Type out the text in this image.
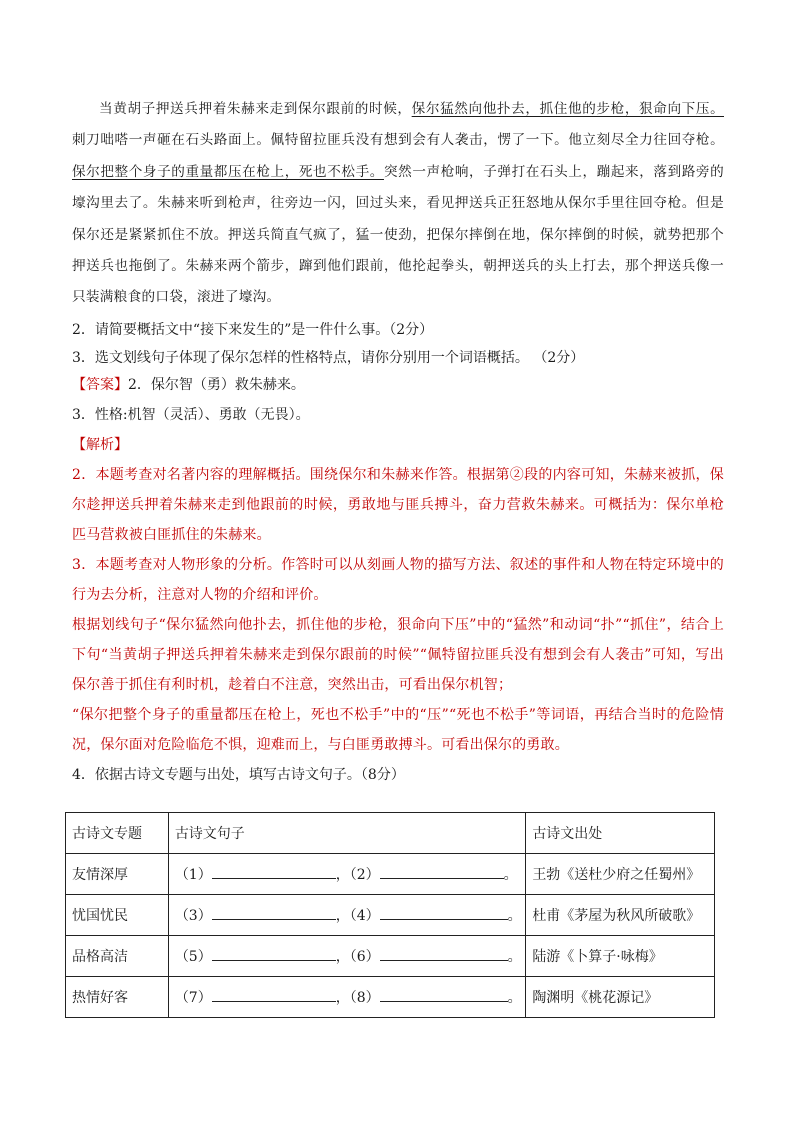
当黄胡子押送兵押着朱赫来走到保尔跟前的时候，保尔猛然向他扑去，抓住他的步枪，狠命向下压。刺刀咄嗒一声砸在石头路面上。佩特留拉匪兵没有想到会有人袭击，愣了一下。他立刻尽全力往回夺枪。保尔把整个身子的重量都压在枪上，死也不松手。突然一声枪响，子弹打在石头上，蹦起来，落到路旁的壕沟里去了。朱赫来听到枪声，往旁边一闪，回过头来，看见押送兵正狂怒地从保尔手里往回夺枪。但是保尔还是紧紧抓住不放。押送兵简直气疯了，猛一使劲，把保尔摔倒在地，保尔摔倒的时候，就势把那个押送兵也拖倒了。朱赫来两个箭步，蹿到他们跟前，他抡起拳头，朝押送兵的头上打去，那个押送兵像一只装满粮食的口袋，滚进了壕沟。
2．请简要概括文中“接下来发生的”是一件什么事。（2分）
3．选文划线句子体现了保尔怎样的性格特点，请你分别用一个词语概括。 （2分）
【答案】2．保尔智（勇）救朱赫来。
3．性格:机智（灵活）、勇敢（无畏）。
【解析】
2．本题考查对名著内容的理解概括。围绕保尔和朱赫来作答。根据第②段的内容可知，朱赫来被抓，保尔趁押送兵押着朱赫来走到他跟前的时候，勇敢地与匪兵搏斗，奋力营救朱赫来。可概括为：保尔单枪匹马营救被白匪抓住的朱赫来。
3．本题考查对人物形象的分析。作答时可以从刻画人物的描写方法、叙述的事件和人物在特定环境中的行为去分析，注意对人物的介绍和评价。
根据划线句子“保尔猛然向他扑去，抓住他的步枪，狠命向下压”中的“猛然”和动词“扑”“抓住”，结合上下句“当黄胡子押送兵押着朱赫来走到保尔跟前的时候”“佩特留拉匪兵没有想到会有人袭击”可知，写出保尔善于抓住有利时机，趁着白不注意，突然出击，可看出保尔机智；
“保尔把整个身子的重量都压在枪上，死也不松手”中的“压”“死也不松手”等词语，再结合当时的危险情况，保尔面对危险临危不惧，迎难而上，与白匪勇敢搏斗。可看出保尔的勇敢。
4．依据古诗文专题与出处，填写古诗文句子。（8分）
古诗文专题	古诗文句子	古诗文出处
友情深厚	（1） ，（2） 。	王勃《送杜少府之任蜀州》
忧国忧民	（3） ，（4） 。	杜甫《茅屋为秋风所破歌》
品格高洁	（5） ，（6） 。	陆游《卜算子·咏梅》
热情好客	（7） ，（8） 。	陶渊明《桃花源记》
